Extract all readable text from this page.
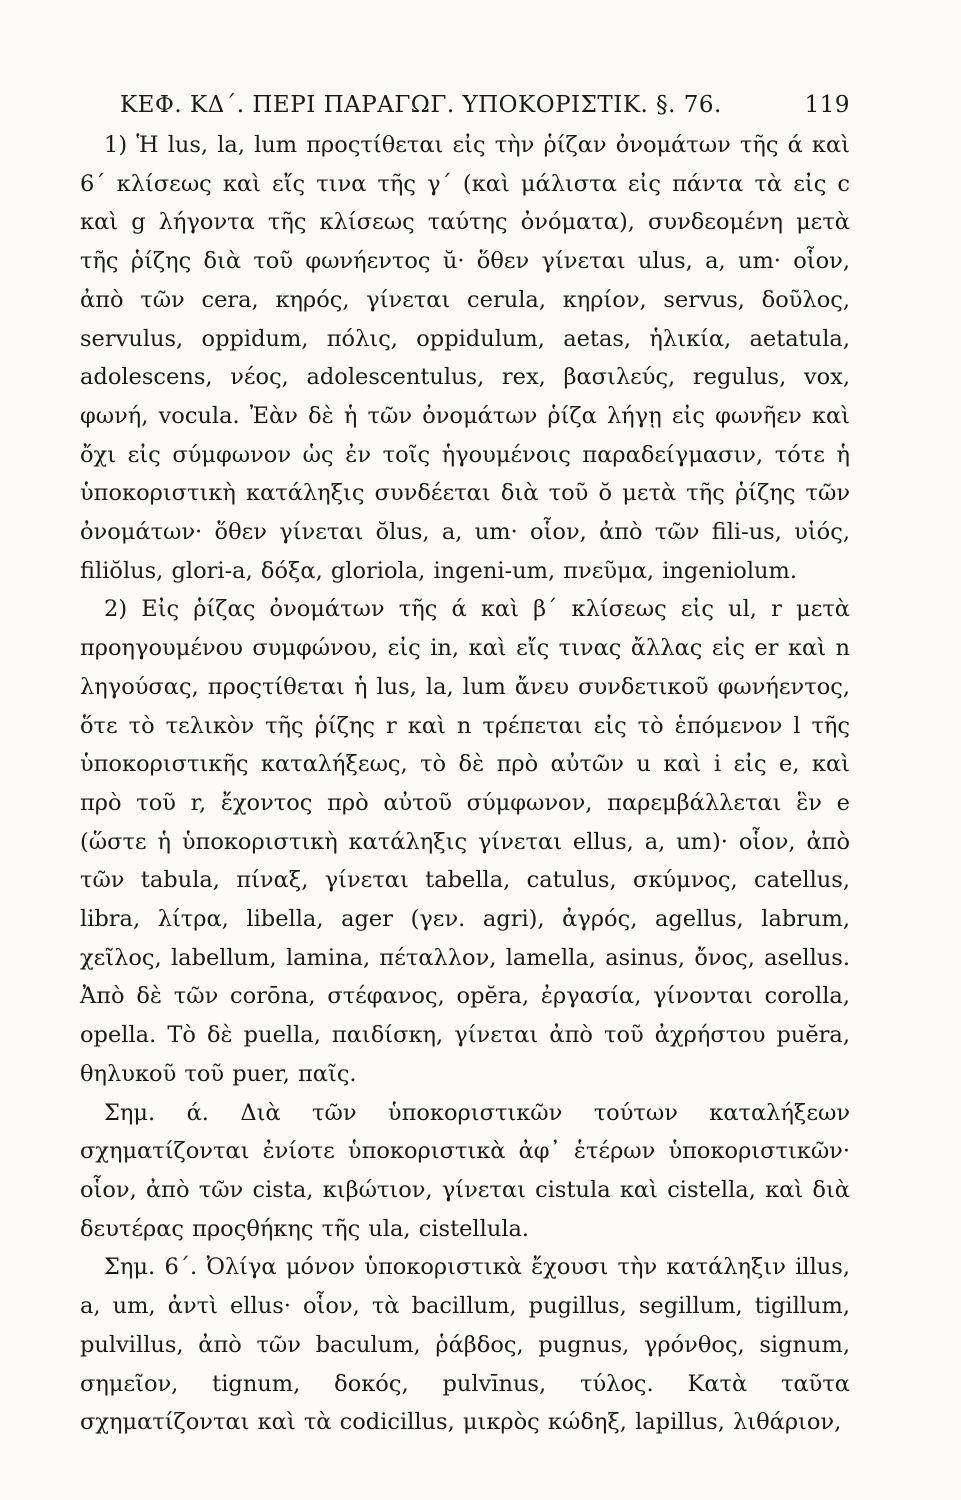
ΚΕΦ. ΚΔ΄. ΠΕΡΙ ΠΑΡΑΓΩΓ. ΥΠΟΚΟΡΙΣΤΙΚ. §. 76.	119

1) Ἡ lus, la, lum προςτίθεται εἰς τὴν ῥίζαν ὀνομάτων τῆς ά καὶ 6΄ κλίσεως καὶ εἴς τινα τῆς γ΄ (καὶ μάλιστα εἰς πάντα τὰ εἰς c καὶ g λήγοντα τῆς κλίσεως ταύτης ὀνόματα), συνδεομένη μετὰ τῆς ῥίζης διὰ τοῦ φωνήεντος ŭ· ὅθεν γίνεται ulus, a, um· οἷον, ἀπὸ τῶν cera, κηρός, γίνεται cerula, κηρίον, servus, δοῦλος, servulus, oppidum, πόλις, oppidulum, aetas, ἡλικία, aetatula, adolescens, νέος, adolescentulus, rex, βασιλεύς, regulus, vox, φωνή, vocula. Ἐὰν δὲ ἡ τῶν ὀνομάτων ῥίζα λήγῃ εἰς φωνῆεν καὶ ὄχι εἰς σύμφωνον ὡς ἐν τοῖς ἡγουμένοις παραδείγμασιν, τότε ἡ ὑποκοριστικὴ κατάληξις συνδέεται διὰ τοῦ ŏ μετὰ τῆς ῥίζης τῶν ὀνομάτων· ὅθεν γίνεται ŏlus, a, um· οἷον, ἀπὸ τῶν fili-us, υἱός, filiŏlus, glori-a, δόξα, gloriola, ingeni-um, πνεῦμα, ingeniolum.

2) Εἰς ῥίζας ὀνομάτων τῆς ά καὶ β΄ κλίσεως εἰς ul, r μετὰ προηγουμένου συμφώνου, εἰς in, καὶ εἴς τινας ἄλλας εἰς er καὶ n ληγούσας, προςτίθεται ἡ lus, la, lum ἄνευ συνδετικοῦ φωνήεντος, ὅτε τὸ τελικὸν τῆς ῥίζης r καὶ n τρέπεται εἰς τὸ ἑπόμενον l τῆς ὑποκοριστικῆς καταλήξεως, τὸ δὲ πρὸ αὐτῶν u καὶ i εἰς e, καὶ πρὸ τοῦ r, ἔχοντος πρὸ αὐτοῦ σύμφωνον, παρεμβάλλεται ἓν e (ὥστε ἡ ὑποκοριστικὴ κατάληξις γίνεται ellus, a, um)· οἷον, ἀπὸ τῶν tabula, πίναξ, γίνεται tabella, catulus, σκύμνος, catellus, libra, λίτρα, libella, ager (γεν. agri), ἀγρός, agellus, labrum, χεῖλος, labellum, lamina, πέταλλον, lamella, asinus, ὄνος, asellus. Ἀπὸ δὲ τῶν corōna, στέφανος, opĕra, ἐργασία, γίνονται corolla, opella. Τὸ δὲ puella, παιδίσκη, γίνεται ἀπὸ τοῦ ἀχρήστου puĕra, θηλυκοῦ τοῦ puer, παῖς.

Σημ. ά. Διὰ τῶν ὑποκοριστικῶν τούτων καταλήξεων σχηματίζονται ἐνίοτε ὑποκοριστικὰ ἀφ᾽ ἑτέρων ὑποκοριστικῶν· οἷον, ἀπὸ τῶν cista, κιβώτιον, γίνεται cistula καὶ cistella, καὶ διὰ δευτέρας προςθήκης τῆς ula, cistellula.

Σημ. 6΄. Ὀλίγα μόνον ὑποκοριστικὰ ἔχουσι τὴν κατάληξιν illus, a, um, ἀντὶ ellus· οἷον, τὰ bacillum, pugillus, segillum, tigillum, pulvillus, ἀπὸ τῶν baculum, ῥάβδος, pugnus, γρόνθος, signum, σημεῖον, tignum, δοκός, pulvīnus, τύλος. Κατὰ ταῦτα σχηματίζονται καὶ τὰ codicillus, μικρὸς κώδηξ, lapillus, λιθάριον,
